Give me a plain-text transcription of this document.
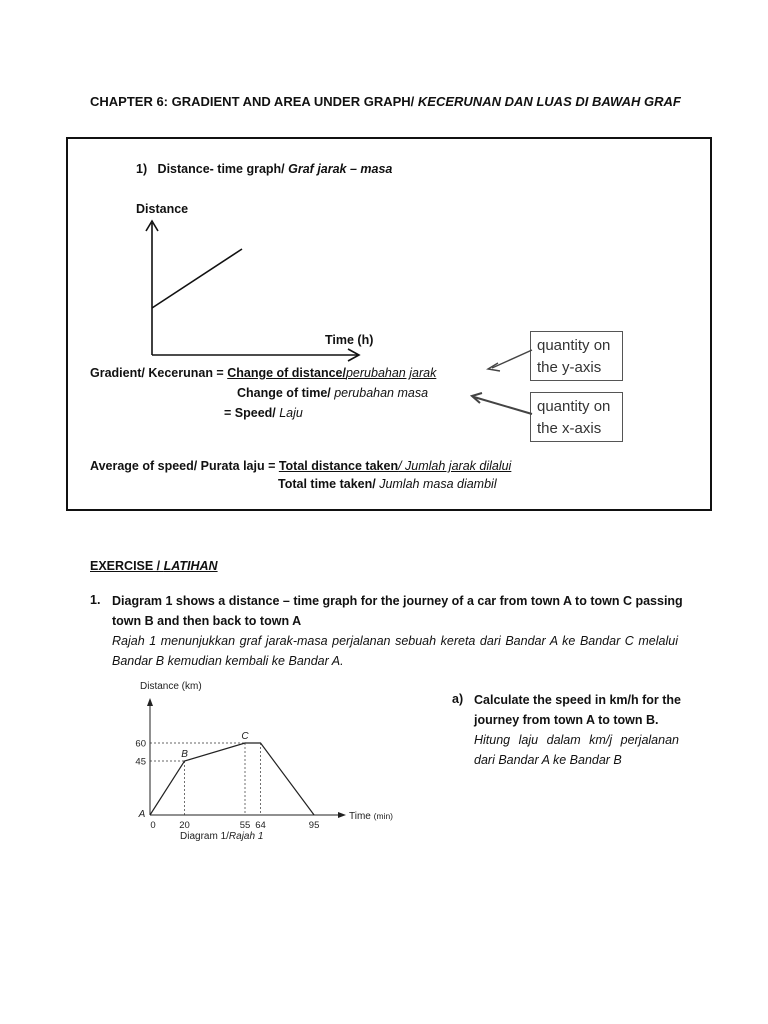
CHAPTER 6: GRADIENT AND AREA UNDER GRAPH/ KECERUNAN DAN LUAS DI BAWAH GRAF
1) Distance- time graph/ Graf jarak – masa
Distance
Time (h)
Gradient/ Kecerunan = Change of distance/perubahan jarak
Change of time/ perubahan masa
= Speed/ Laju
quantity on
the y-axis
quantity on
the x-axis
Average of speed/ Purata laju = Total distance taken/ Jumlah jarak dilalui
Total time taken/ Jumlah masa diambil
EXERCISE / LATIHAN
1. Diagram 1 shows a distance – time graph for the journey of a car from town A to town C passing
town B and then back to town A
Rajah 1 menunjukkan graf jarak-masa perjalanan sebuah kereta dari Bandar A ke Bandar C melalui
Bandar B kemudian kembali ke Bandar A.
Distance (km)
Time (min)
45
60
0 20	55 64	95
A
B
C
Diagram 1/Rajah 1
a) Calculate the speed in km/h for the
journey from town A to town B.
Hitung laju dalam km/j perjalanan
dari Bandar A ke Bandar B
